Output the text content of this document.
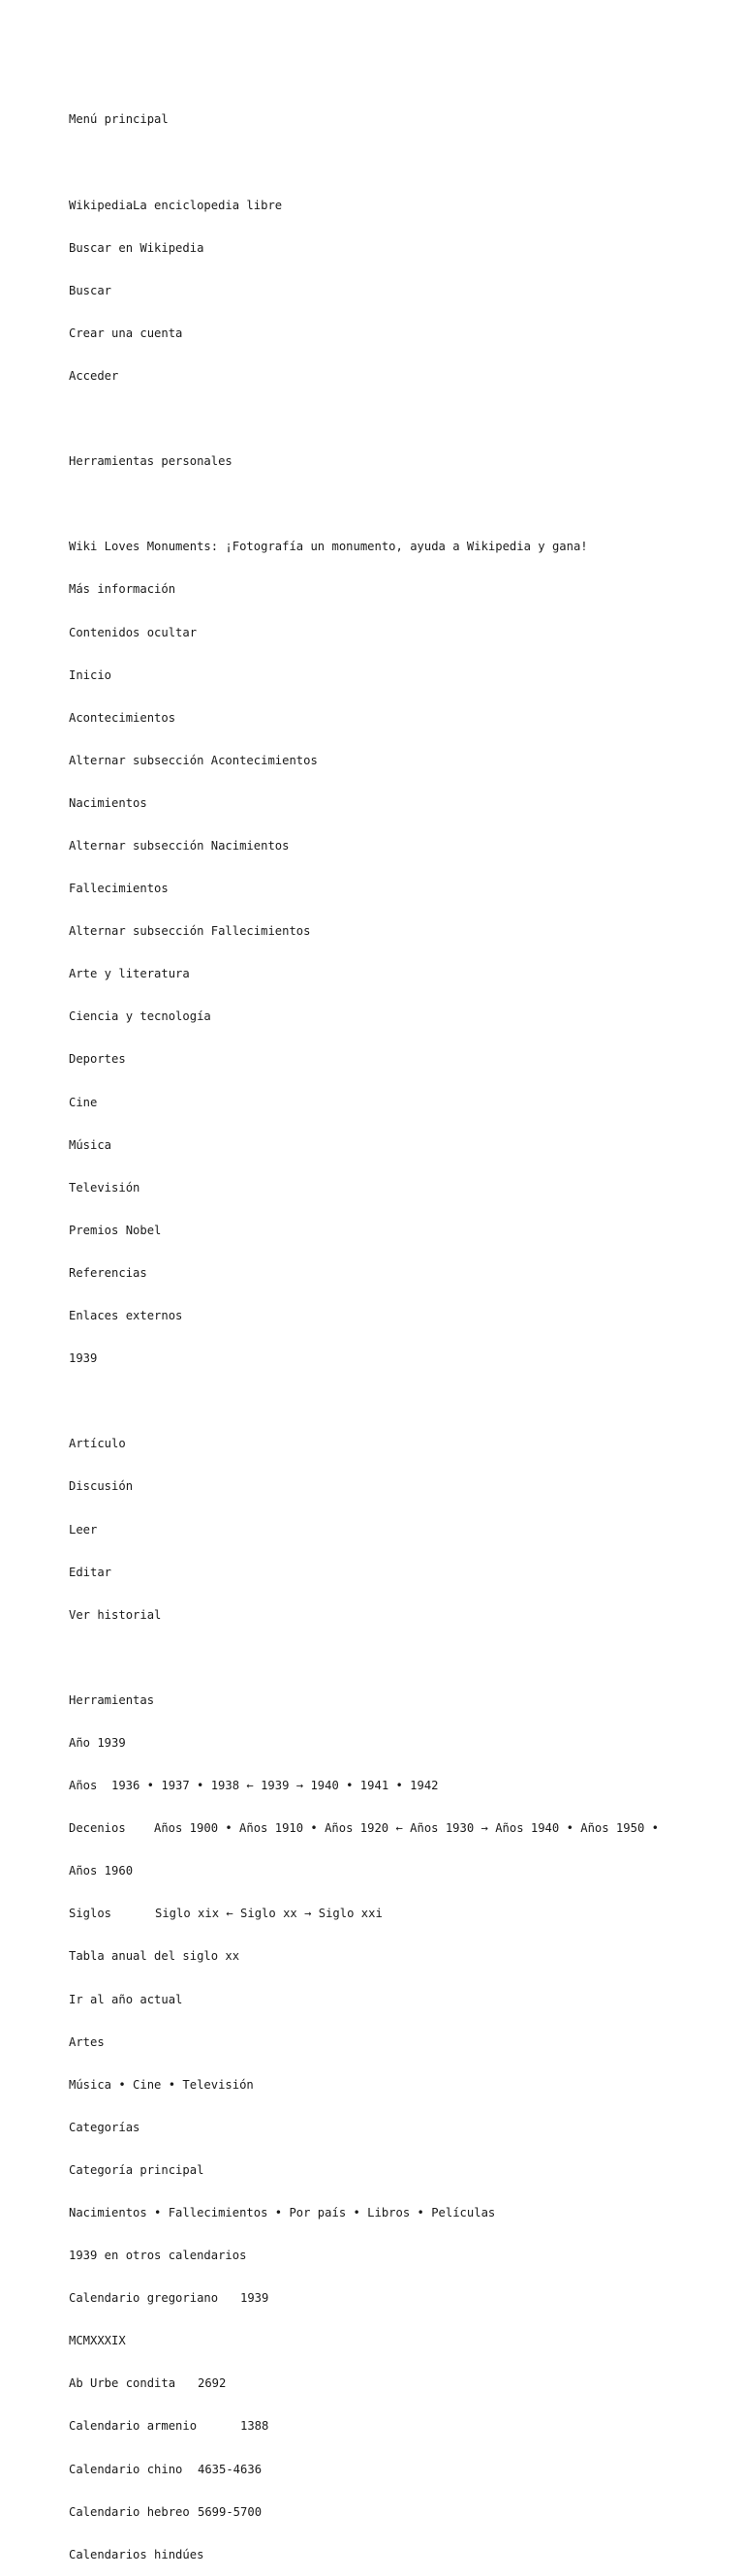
Menú principal

WikipediaLa enciclopedia libre

Buscar en Wikipedia

Buscar

Crear una cuenta

Acceder

Herramientas personales

Wiki Loves Monuments: ¡Fotografía un monumento, ayuda a Wikipedia y gana!

Más información

Contenidos ocultar

Inicio

Acontecimientos

Alternar subsección Acontecimientos

Nacimientos

Alternar subsección Nacimientos

Fallecimientos

Alternar subsección Fallecimientos

Arte y literatura

Ciencia y tecnología

Deportes

Cine

Música

Televisión

Premios Nobel

Referencias

Enlaces externos

1939

Artículo

Discusión

Leer

Editar

Ver historial

Herramientas

Año 1939

Años 1936 • 1937 • 1938 ← 1939 → 1940 • 1941 • 1942

Decenios Años 1900 • Años 1910 • Años 1920 ← Años 1930 → Años 1940 • Años 1950 •

Años 1960

Siglos	Siglo xix ← Siglo xx → Siglo xxi

Tabla anual del siglo xx

Ir al año actual

Artes

Música • Cine • Televisión

Categorías

Categoría principal

Nacimientos • Fallecimientos • Por país • Libros • Películas

1939 en otros calendarios

Calendario gregoriano 1939

MCMXXXIX

Ab Urbe condita 2692

Calendario armenio	1388

Calendario chino 4635-4636

Calendario hebreo 5699-5700

Calendarios hindúes
